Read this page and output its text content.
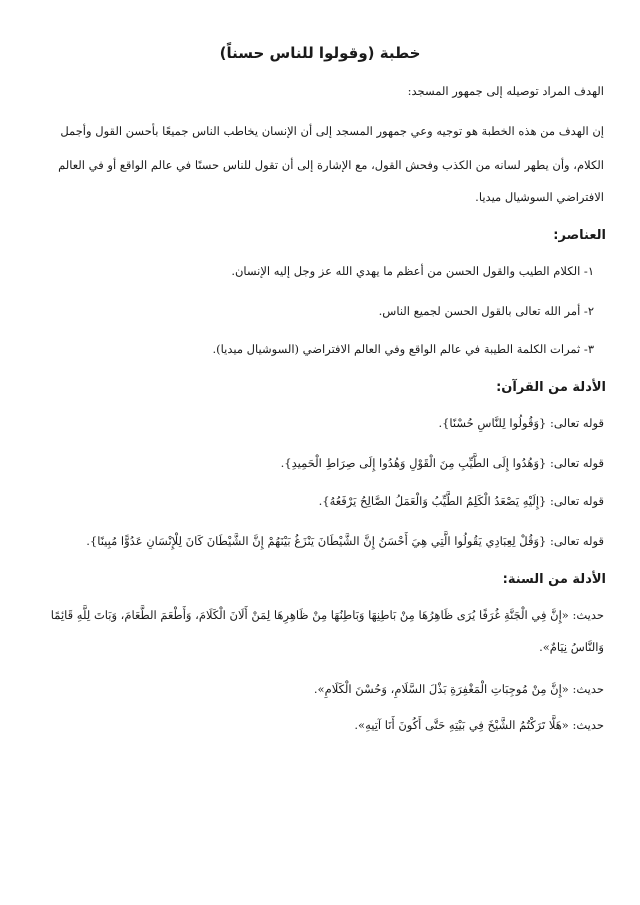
خطبة (وقولوا للناس حسناً)
الهدف المراد توصيله إلى جمهور المسجد:
إن الهدف من هذه الخطبة هو توجيه وعي جمهور المسجد إلى أن الإنسان يخاطب الناس جميعًا بأحسن القول وأجمل
الكلام، وأن يطهر لسانه من الكذب وفحش القول، مع الإشارة إلى أن تقول للناس حسنًا في عالم الواقع أو في العالم
الافتراضي السوشيال ميديا.
العناصر:
١- الكلام الطيب والقول الحسن من أعظم ما يهدي الله عز وجل إليه الإنسان.
٢- أمر الله تعالى بالقول الحسن لجميع الناس.
٣- ثمرات الكلمة الطيبة في عالم الواقع وفي العالم الافتراضي (السوشيال ميديا).
الأدلة من القرآن:
قوله تعالى: {وَقُولُوا لِلنَّاسِ حُسْنًا}.
قوله تعالى: {وَهُدُوا إِلَى الطَّيِّبِ مِنَ الْقَوْلِ وَهُدُوا إِلَى صِرَاطِ الْحَمِيدِ}.
قوله تعالى: {إِلَيْهِ يَصْعَدُ الْكَلِمُ الطَّيِّبُ وَالْعَمَلُ الصَّالِحُ يَرْفَعُهُ}.
قوله تعالى: {وَقُلْ لِعِبَادِي يَقُولُوا الَّتِي هِيَ أَحْسَنُ إِنَّ الشَّيْطَانَ يَنْزَغُ بَيْنَهُمْ إِنَّ الشَّيْطَانَ كَانَ لِلْإِنْسَانِ عَدُوًّا مُبِينًا}.
الأدلة من السنة:
حديث: «إِنَّ فِي الْجَنَّةِ غُرَفًا يُرَى ظَاهِرُهَا مِنْ بَاطِنِهَا وَبَاطِنُهَا مِنْ ظَاهِرِهَا لِمَنْ أَلَانَ الْكَلَامَ، وَأَطْعَمَ الطَّعَامَ، وَبَاتَ لِلَّهِ قَائِمًا
وَالنَّاسُ نِيَامٌ».
حديث: «إِنَّ مِنْ مُوجِبَاتِ الْمَغْفِرَةِ بَذْلَ السَّلَامِ، وَحُسْنَ الْكَلَامِ».
حديث: «هَلَّا تَرَكْتُمُ الشَّيْخَ فِي بَيْتِهِ حَتَّى أَكُونَ أَنَا آتِيهِ».
